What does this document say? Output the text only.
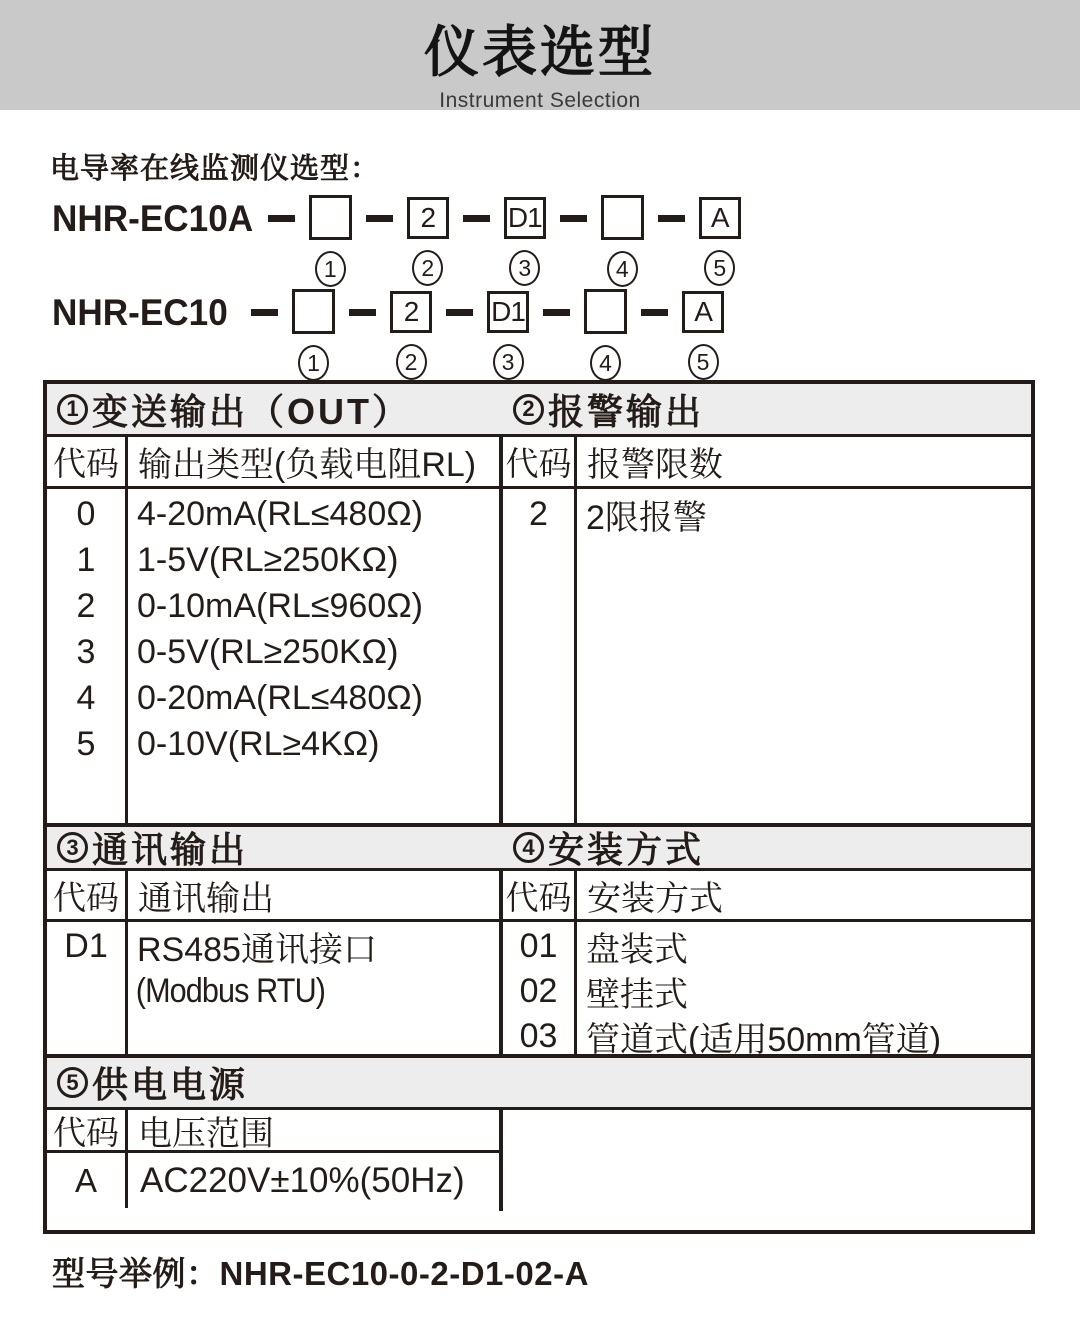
仪表选型
Instrument Selection
电导率在线监测仪选型：
NHR-EC10A
1
2
2
D1
3	4
A
5
NHR-EC10
1
2
2
D1
3	4
A
5
1 变送输出（OUT）	2 报警输出
代码 输出类型(负载电阻RL) 代码 报警限数
0	4-20mA(RL≤480Ω)
1	1-5V(RL≥250KΩ)
2	0-10mA(RL≤960Ω)
3	0-5V(RL≥250KΩ)
4	0-20mA(RL≤480Ω)
5	0-10V(RL≥4KΩ)
2	2限报警
3 通讯输出	4 安装方式
代码 通讯输出	代码 安装方式
D1 RS485通讯接口
(Modbus RTU)
01 盘装式
02 壁挂式
03 管道式(适用50mm管道)
5 供电电源
代码 电压范围
A	AC220V±10%(50Hz)
型号举例：NHR-EC10-0-2-D1-02-A
